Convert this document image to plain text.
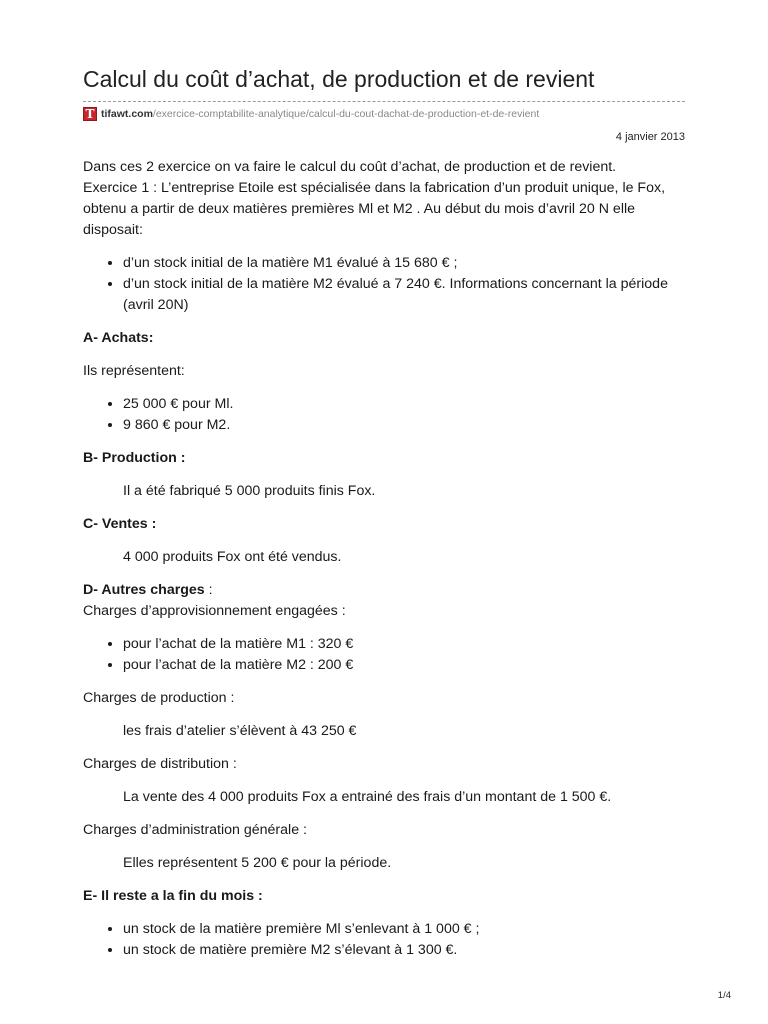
Calcul du coût d’achat, de production et de revient
T tifawt.com /exercice-comptabilite-analytique/calcul-du-cout-dachat-de-production-et-de-revient
4 janvier 2013

Dans ces 2 exercice on va faire le calcul du coût d’achat, de production et de revient.

Exercice 1 : L’entreprise Etoile est spécialisée dans la fabrication d’un produit unique, le Fox, obtenu a partir de deux matières premières Ml et M2 . Au début du mois d’avril 20 N elle disposait:

• d’un stock initial de la matière M1 évalué à 15 680 € ;
• d’un stock initial de la matière M2 évalué a 7 240 €. Informations concernant la période (avril 20N)

A- Achats:

Ils représentent:

• 25 000 € pour Ml.
• 9 860 € pour M2.

B- Production :

Il a été fabriqué 5 000 produits finis Fox.

C- Ventes :

4 000 produits Fox ont été vendus.

D- Autres charges :

Charges d’approvisionnement engagées :

• pour l’achat de la matière M1 : 320 €
• pour l’achat de la matière M2 : 200 €

Charges de production :

les frais d’atelier s’élèvent à 43 250 €

Charges de distribution :

La vente des 4 000 produits Fox a entrainé des frais d’un montant de 1 500 €.

Charges d’administration générale :

Elles représentent 5 200 € pour la période.

E- Il reste a la fin du mois :

• un stock de la matière première Ml s’enlevant à 1 000 € ;
• un stock de matière première M2 s’élevant à 1 300 €.
1/4
